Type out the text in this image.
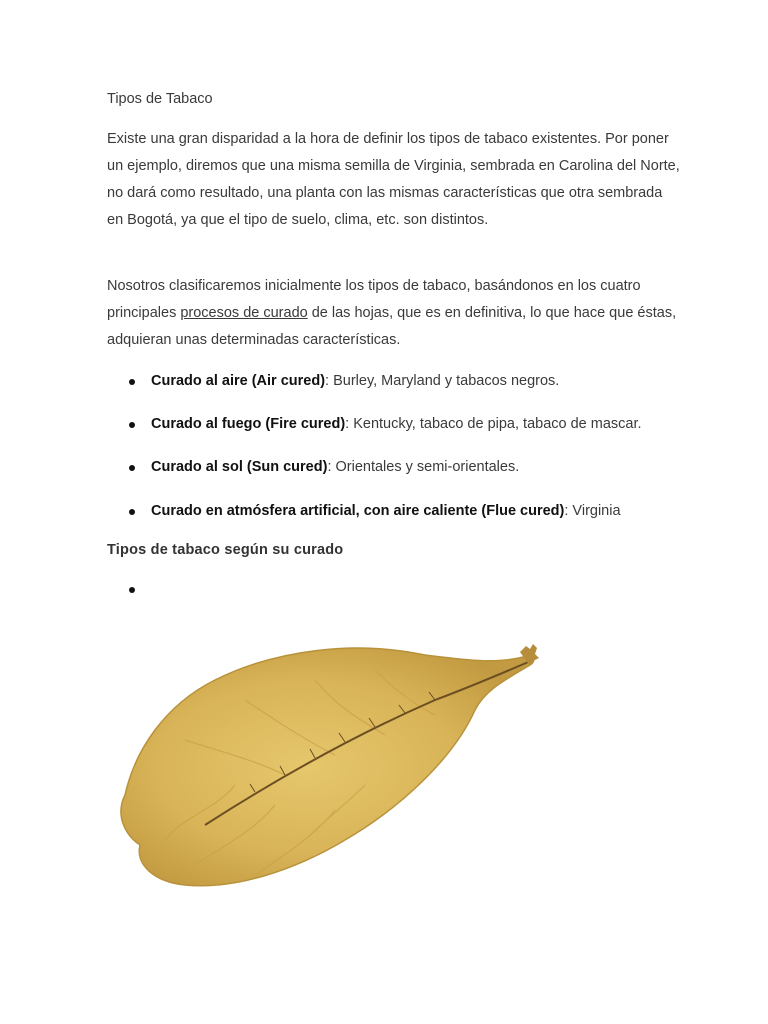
Tipos de Tabaco

Existe una gran disparidad a la hora de definir los tipos de tabaco existentes. Por poner un ejemplo, diremos que una misma semilla de Virginia, sembrada en Carolina del Norte, no dará como resultado, una planta con las mismas características que otra sembrada en Bogotá, ya que el tipo de suelo, clima, etc. son distintos.

Nosotros clasificaremos inicialmente los tipos de tabaco, basándonos en los cuatro principales procesos de curado de las hojas, que es en definitiva, lo que hace que éstas, adquieran unas determinadas características.

Curado al aire (Air cured): Burley, Maryland y tabacos negros.
Curado al fuego (Fire cured): Kentucky, tabaco de pipa, tabaco de mascar.
Curado al sol (Sun cured): Orientales y semi-orientales.
Curado en atmósfera artificial, con aire caliente (Flue cured): Virginia

Tipos de tabaco según su curado
